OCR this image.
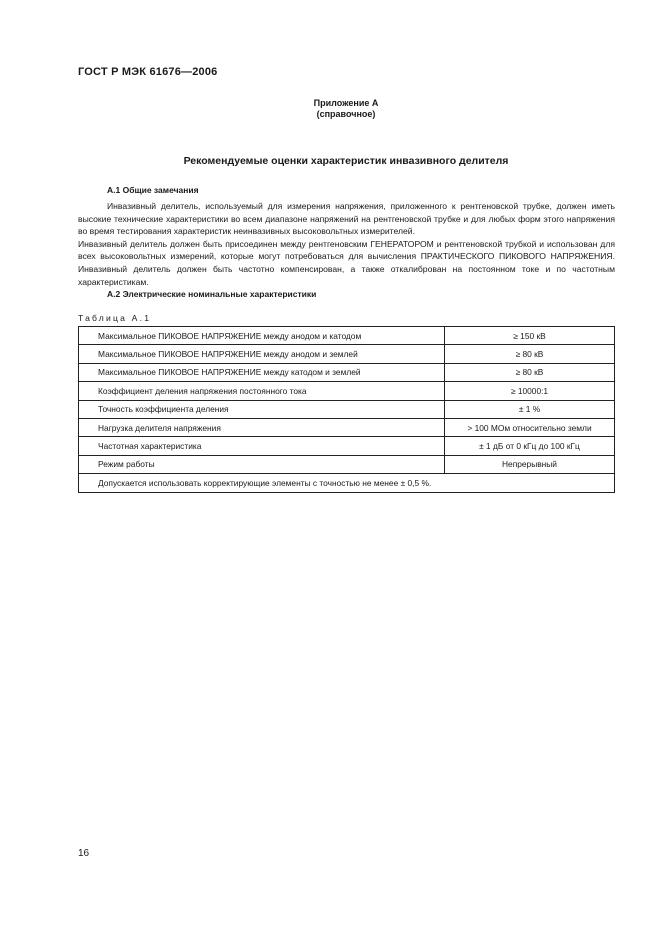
ГОСТ Р МЭК 61676—2006
Приложение А
(справочное)
Рекомендуемые оценки характеристик инвазивного делителя
А.1 Общие замечания

Инвазивный делитель, используемый для измерения напряжения, приложенного к рентгеновской трубке, должен иметь высокие технические характеристики во всем диапазоне напряжений на рентгеновской трубке и для любых форм этого напряжения во время тестирования характеристик неинвазивных высоковольтных измерителей.

Инвазивный делитель должен быть присоединен между рентгеновским ГЕНЕРАТОРОМ и рентгеновской трубкой и использован для всех высоковольтных измерений, которые могут потребоваться для вычисления ПРАКТИЧЕСКОГО ПИКОВОГО НАПРЯЖЕНИЯ. Инвазивный делитель должен быть частотно компенсирован, а также откалиброван на постоянном токе и по частотным характеристикам.

А.2 Электрические номинальные характеристики
Таблица А.1
Максимальное ПИКОВОЕ НАПРЯЖЕНИЕ между анодом и катодом	≥ 150 кВ
Максимальное ПИКОВОЕ НАПРЯЖЕНИЕ между анодом и землей	≥ 80 кВ
Максимальное ПИКОВОЕ НАПРЯЖЕНИЕ между катодом и землей	≥ 80 кВ
Коэффициент деления напряжения постоянного тока	≥ 10000:1
Точность коэффициента деления	± 1 %
Нагрузка делителя напряжения	> 100 МОм относительно земли
Частотная характеристика	± 1 дБ от 0 кГц до 100 кГц
Режим работы	Непрерывный
Допускается использовать корректирующие элементы с точностью не менее ± 0,5 %.	
16
